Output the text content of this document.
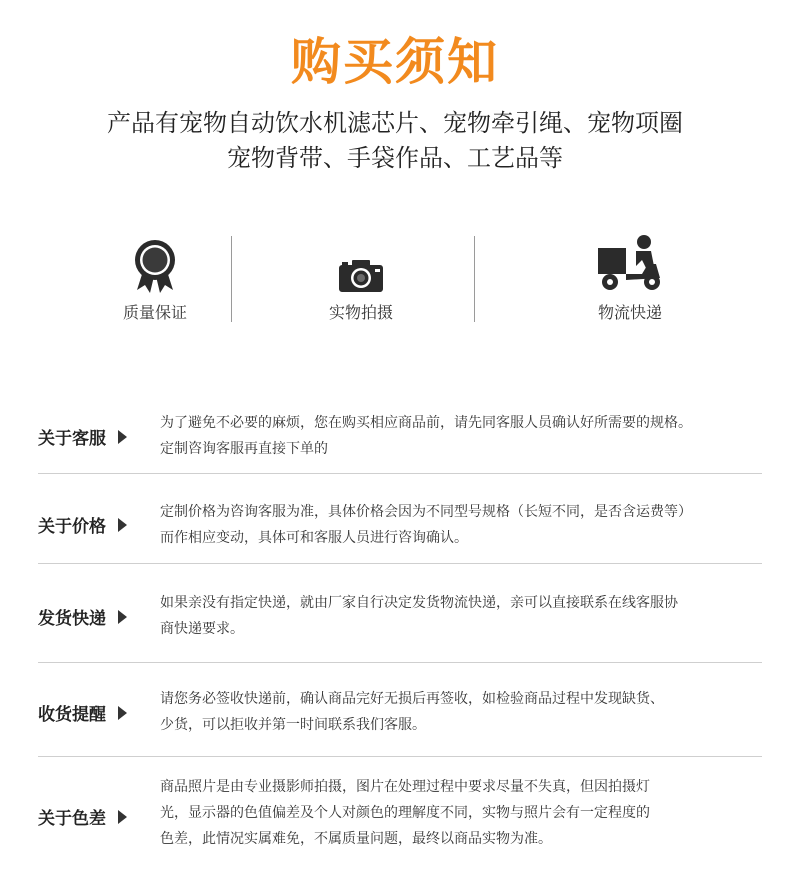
购买须知
产品有宠物自动饮水机滤芯片、宠物牵引绳、宠物项圈
宠物背带、手袋作品、工艺品等
质量保证	实物拍摄	物流快递
关于客服
为了避免不必要的麻烦，您在购买相应商品前，请先同客服人员确认好所需要的规格。
定制咨询客服再直接下单的
关于价格
定制价格为咨询客服为准，具体价格会因为不同型号规格（长短不同，是否含运费等）
而作相应变动，具体可和客服人员进行咨询确认。
发货快递
如果亲没有指定快递，就由厂家自行决定发货物流快递，亲可以直接联系在线客服协
商快递要求。
收货提醒
请您务必签收快递前，确认商品完好无损后再签收，如检验商品过程中发现缺货、
少货，可以拒收并第一时间联系我们客服。
关于色差
商品照片是由专业摄影师拍摄，图片在处理过程中要求尽量不失真，但因拍摄灯
光，显示器的色值偏差及个人对颜色的理解度不同，实物与照片会有一定程度的
色差，此情况实属难免，不属质量问题，最终以商品实物为准。
